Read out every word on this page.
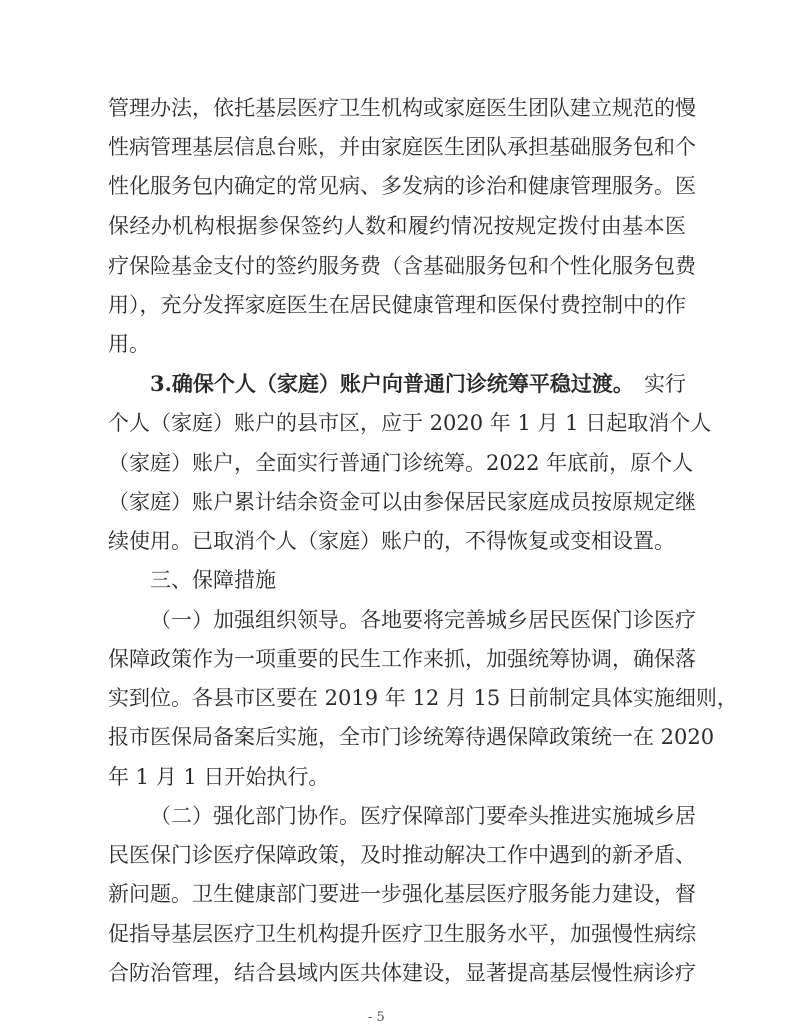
管理办法，依托基层医疗卫生机构或家庭医生团队建立规范的慢
性病管理基层信息台账，并由家庭医生团队承担基础服务包和个
性化服务包内确定的常见病、多发病的诊治和健康管理服务。医
保经办机构根据参保签约人数和履约情况按规定拨付由基本医
疗保险基金支付的签约服务费（含基础服务包和个性化服务包费
用），充分发挥家庭医生在居民健康管理和医保付费控制中的作
用。
3.确保个人（家庭）账户向普通门诊统筹平稳过渡。 实行
个人（家庭）账户的县市区，应于 2020 年 1 月 1 日起取消个人
（家庭）账户，全面实行普通门诊统筹。2022 年底前，原个人
（家庭）账户累计结余资金可以由参保居民家庭成员按原规定继
续使用。已取消个人（家庭）账户的，不得恢复或变相设置。
三、保障措施
（一）加强组织领导。各地要将完善城乡居民医保门诊医疗
保障政策作为一项重要的民生工作来抓，加强统筹协调，确保落
实到位。各县市区要在 2019 年 12 月 15 日前制定具体实施细则，
报市医保局备案后实施，全市门诊统筹待遇保障政策统一在 2020
年 1 月 1 日开始执行。
（二）强化部门协作。医疗保障部门要牵头推进实施城乡居
民医保门诊医疗保障政策，及时推动解决工作中遇到的新矛盾、
新问题。卫生健康部门要进一步强化基层医疗服务能力建设，督
促指导基层医疗卫生机构提升医疗卫生服务水平，加强慢性病综
合防治管理，结合县域内医共体建设，显著提高基层慢性病诊疗
- 5
